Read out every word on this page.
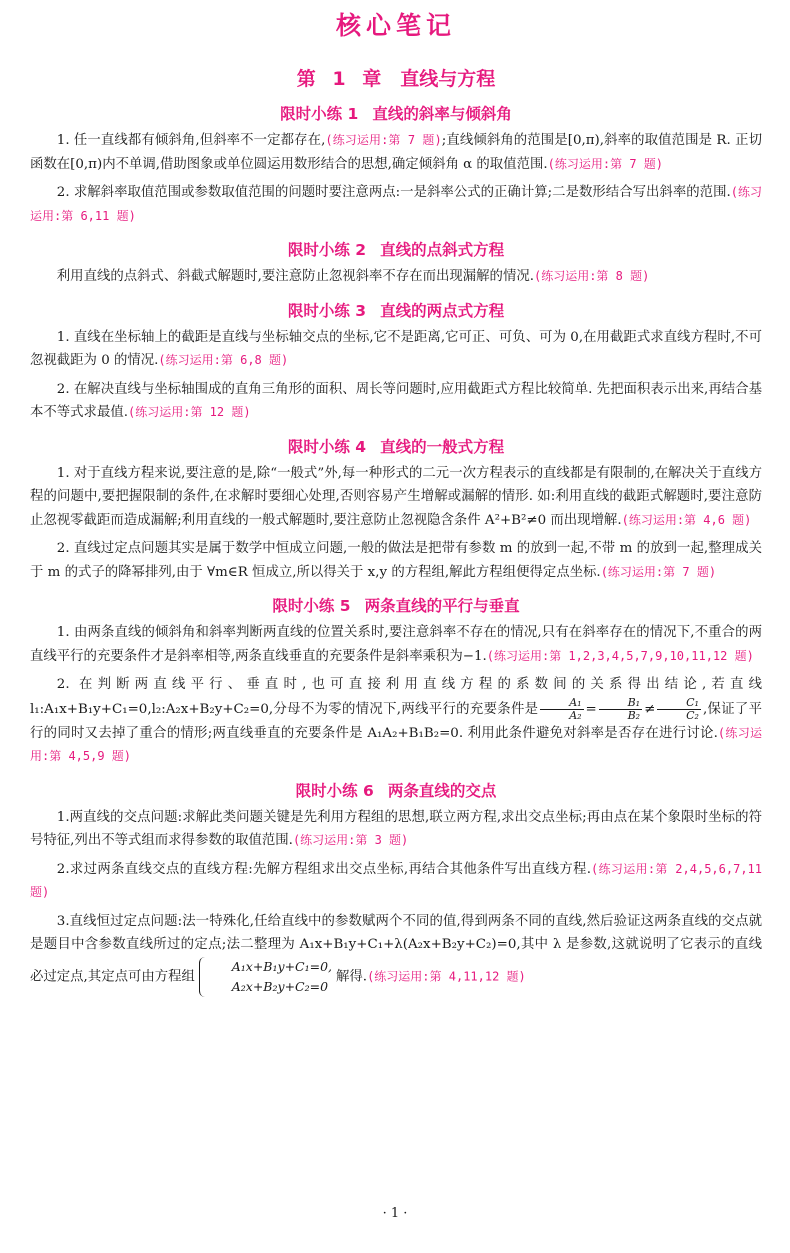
核心笔记
第 1 章　直线与方程
限时小练 1 直线的斜率与倾斜角

1. 任一直线都有倾斜角,但斜率不一定都存在,(练习运用:第 7 题);直线倾斜角的范围是[0,π),斜率的取值范围是 R. 正切函数在[0,π)内不单调,借助图象或单位圆运用数形结合的思想,确定倾斜角 α 的取值范围.(练习运用:第 7 题)

2. 求解斜率取值范围或参数取值范围的问题时要注意两点:一是斜率公式的正确计算;二是数形结合写出斜率的范围.(练习运用:第 6,11 题)

限时小练 2 直线的点斜式方程

利用直线的点斜式、斜截式解题时,要注意防止忽视斜率不存在而出现漏解的情况.(练习运用:第 8 题)

限时小练 3 直线的两点式方程

1. 直线在坐标轴上的截距是直线与坐标轴交点的坐标,它不是距离,它可正、可负、可为 0,在用截距式求直线方程时,不可忽视截距为 0 的情况.(练习运用:第 6,8 题)

2. 在解决直线与坐标轴围成的直角三角形的面积、周长等问题时,应用截距式方程比较简单. 先把面积表示出来,再结合基本不等式求最值.(练习运用:第 12 题)

限时小练 4 直线的一般式方程

1. 对于直线方程来说,要注意的是,除“一般式”外,每一种形式的二元一次方程表示的直线都是有限制的,在解决关于直线方程的问题中,要把握限制的条件,在求解时要细心处理,否则容易产生增解或漏解的情形. 如:利用直线的截距式解题时,要注意防止忽视零截距而造成漏解;利用直线的一般式解题时,要注意防止忽视隐含条件 A²+B²≠0 而出现增解.(练习运用:第 4,6 题)

2. 直线过定点问题其实是属于数学中恒成立问题,一般的做法是把带有参数 m 的放到一起,不带 m 的放到一起,整理成关于 m 的式子的降幂排列,由于 ∀m∈R 恒成立,所以得关于 x,y 的方程组,解此方程组便得定点坐标.(练习运用:第 7 题)

限时小练 5 两条直线的平行与垂直

1. 由两条直线的倾斜角和斜率判断两直线的位置关系时,要注意斜率不存在的情况,只有在斜率存在的情况下,不重合的两直线平行的充要条件才是斜率相等,两条直线垂直的充要条件是斜率乘积为−1.(练习运用:第 1,2,3,4,5,7,9,10,11,12 题)

2. 在判断两直线平行、垂直时,也可直接利用直线方程的系数间的关系得出结论,若直线 l₁:A₁x+B₁y+C₁=0,l₂:A₂x+B₂y+C₂=0,分母不为零的情况下,两线平行的充要条件是 $\frac{\text{A₁}}{\text{A₂}} = \frac{\text{B₁}}{\text{B₂}} \ne \frac{\text{C₁}}{\text{C₂}}$ ,保证了平行的同时又去掉了重合的情形;两直线垂直的充要条件是 A₁A₂+B₁B₂=0. 利用此条件避免对斜率是否存在进行讨论.(练习运用:第 4,5,9 题)

限时小练 6 两条直线的交点

1.两直线的交点问题:求解此类问题关键是先利用方程组的思想,联立两方程,求出交点坐标;再由点在某个象限时坐标的符号特征,列出不等式组而求得参数的取值范围.(练习运用:第 3 题)

2.求过两条直线交点的直线方程:先解方程组求出交点坐标,再结合其他条件写出直线方程.(练习运用:第 2,4,5,6,7,11 题)

3.直线恒过定点问题:法一特殊化,任给直线中的参数赋两个不同的值,得到两条不同的直线,然后验证这两条直线的交点就是题目中含参数直线所过的定点;法二整理为 A₁x+B₁y+C₁+λ(A₂x+B₂y+C₂)=0,其中 λ 是参数,这就说明了它表示的直线必过定点,其定点可由方程组
A₁x+B₁y+C₁=0,
A₂x+B₂y+C₂=0
解得.(练习运用:第 4,11,12 题)

· 1 ·
